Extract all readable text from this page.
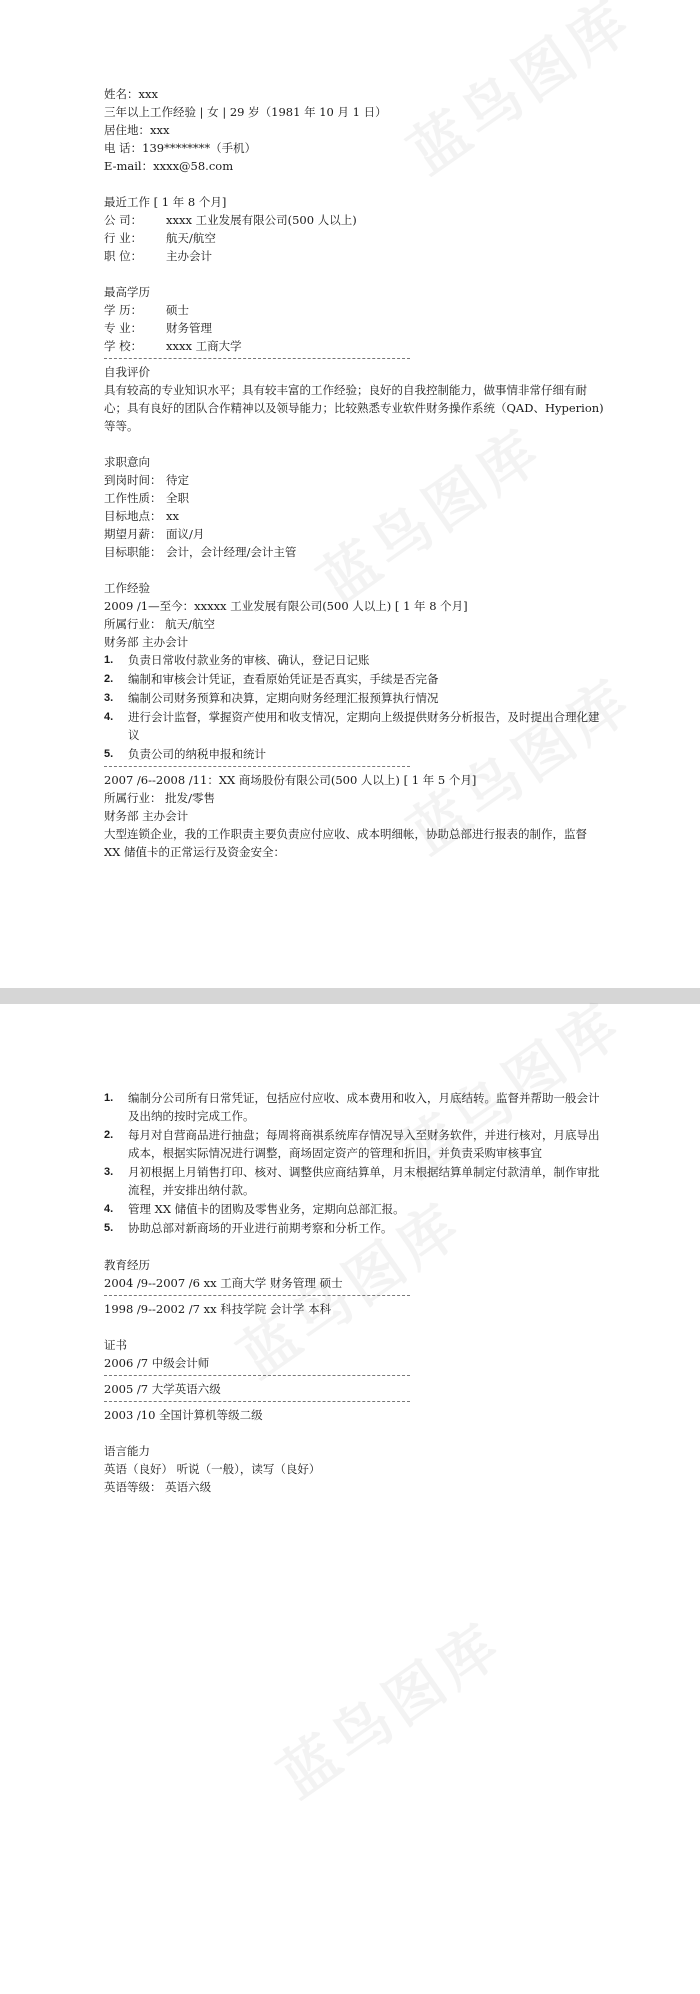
姓名：xxx
三年以上工作经验 | 女 | 29 岁（1981 年 10 月 1 日）
居住地：xxx
电 话：139********（手机）
E-mail：xxxx@58.com
最近工作 [ 1 年 8 个月]
公 司： xxxx 工业发展有限公司(500 人以上)
行 业： 航天/航空
职 位： 主办会计
最高学历
学 历： 硕士
专 业： 财务管理
学 校： xxxx 工商大学
自我评价
具有较高的专业知识水平；具有较丰富的工作经验；良好的自我控制能力，做事情非常仔细有耐心；具有良好的团队合作精神以及领导能力；比较熟悉专业软件财务操作系统（QAD、Hyperion)等等。
求职意向
到岗时间： 待定
工作性质： 全职
目标地点： xx
期望月薪： 面议/月
目标职能： 会计，会计经理/会计主管
工作经验
2009 /1—至今：xxxxx 工业发展有限公司(500 人以上) [ 1 年 8 个月]
所属行业： 航天/航空
财务部 主办会计
1. 负责日常收付款业务的审核、确认，登记日记账
2. 编制和审核会计凭证，查看原始凭证是否真实，手续是否完备
3. 编制公司财务预算和决算，定期向财务经理汇报预算执行情况
4. 进行会计监督，掌握资产使用和收支情况，定期向上级提供财务分析报告，及时提出合理化建议
5. 负责公司的纳税申报和统计
2007 /6--2008 /11：XX 商场股份有限公司(500 人以上) [ 1 年 5 个月]
所属行业： 批发/零售
财务部 主办会计
大型连锁企业，我的工作职责主要负责应付应收、成本明细帐，协助总部进行报表的制作，监督 XX 储值卡的正常运行及资金安全：
1. 编制分公司所有日常凭证，包括应付应收、成本费用和收入，月底结转。监督并帮助一般会计及出纳的按时完成工作。
2. 每月对自营商品进行抽盘；每周将商祺系统库存情况导入至财务软件，并进行核对，月底导出成本，根据实际情况进行调整，商场固定资产的管理和折旧，并负责采购审核事宜
3. 月初根据上月销售打印、核对、调整供应商结算单，月末根据结算单制定付款清单，制作审批流程，并安排出纳付款。
4. 管理 XX 储值卡的团购及零售业务，定期向总部汇报。
5. 协助总部对新商场的开业进行前期考察和分析工作。
教育经历
2004 /9--2007 /6 xx 工商大学 财务管理 硕士
1998 /9--2002 /7 xx 科技学院 会计学 本科
证书
2006 /7 中级会计师
2005 /7 大学英语六级
2003 /10 全国计算机等级二级
语言能力
英语（良好） 听说（一般），读写（良好）
英语等级： 英语六级
